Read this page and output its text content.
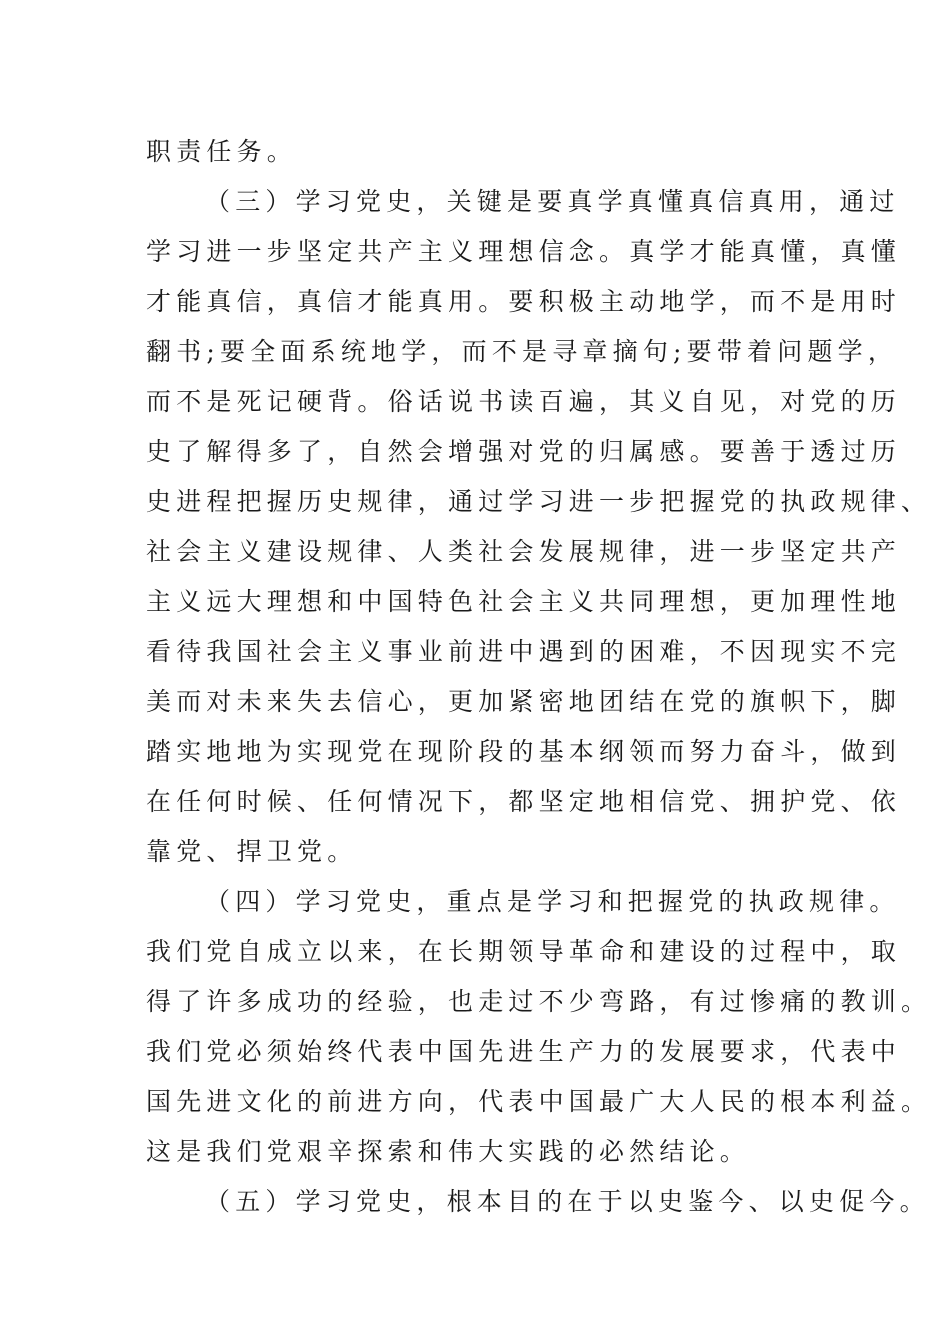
职责任务。
（三）学习党史，关键是要真学真懂真信真用，通过
学习进一步坚定共产主义理想信念。真学才能真懂，真懂
才能真信，真信才能真用。要积极主动地学，而不是用时
翻书;要全面系统地学，而不是寻章摘句;要带着问题学，
而不是死记硬背。俗话说书读百遍，其义自见，对党的历
史了解得多了，自然会增强对党的归属感。要善于透过历
史进程把握历史规律，通过学习进一步把握党的执政规律、
社会主义建设规律、人类社会发展规律，进一步坚定共产
主义远大理想和中国特色社会主义共同理想，更加理性地
看待我国社会主义事业前进中遇到的困难，不因现实不完
美而对未来失去信心，更加紧密地团结在党的旗帜下，脚
踏实地地为实现党在现阶段的基本纲领而努力奋斗，做到
在任何时候、任何情况下，都坚定地相信党、拥护党、依
靠党、捍卫党。
（四）学习党史，重点是学习和把握党的执政规律。
我们党自成立以来，在长期领导革命和建设的过程中，取
得了许多成功的经验，也走过不少弯路，有过惨痛的教训。
我们党必须始终代表中国先进生产力的发展要求，代表中
国先进文化的前进方向，代表中国最广大人民的根本利益。
这是我们党艰辛探索和伟大实践的必然结论。
（五）学习党史，根本目的在于以史鉴今、以史促今。
